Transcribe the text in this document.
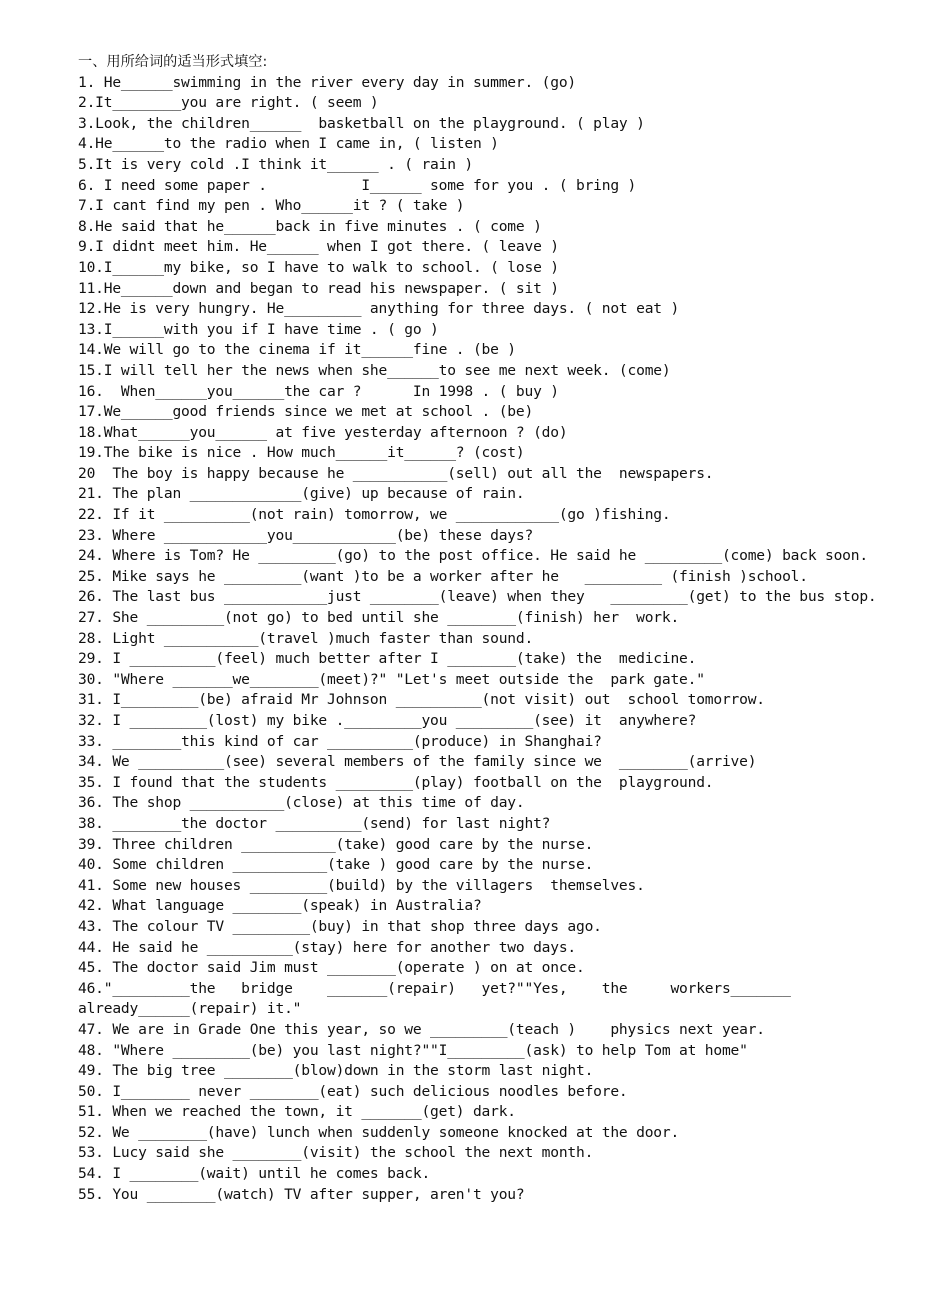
一、用所给词的适当形式填空:
1. He______swimming in the river every day in summer. (go)
2.It________you are right. ( seem )
3.Look, the children______  basketball on the playground. ( play )
4.He______to the radio when I came in, ( listen )
5.It is very cold .I think it______ . ( rain )
6. I need some paper .           I______ some for you . ( bring )
7.I cant find my pen . Who______it ? ( take )
8.He said that he______back in five minutes . ( come )
9.I didnt meet him. He______ when I got there. ( leave )
10.I______my bike, so I have to walk to school. ( lose )
11.He______down and began to read his newspaper. ( sit )
12.He is very hungry. He_________ anything for three days. ( not eat )
13.I______with you if I have time . ( go )
14.We will go to the cinema if it______fine . (be )
15.I will tell her the news when she______to see me next week. (come)
16.  When______you______the car ?      In 1998 . ( buy )
17.We______good friends since we met at school . (be)
18.What______you______ at five yesterday afternoon ? (do)
19.The bike is nice . How much______it______? (cost)
20  The boy is happy because he ___________(sell) out all the  newspapers.
21. The plan _____________(give) up because of rain.
22. If it __________(not rain) tomorrow, we ____________(go )fishing.
23. Where ____________you____________(be) these days?
24. Where is Tom? He _________(go) to the post office. He said he _________(come) back soon.
25. Mike says he _________(want )to be a worker after he   _________ (finish )school.
26. The last bus ____________just ________(leave) when they   _________(get) to the bus stop.
27. She _________(not go) to bed until she ________(finish) her  work.
28. Light ___________(travel )much faster than sound.
29. I __________(feel) much better after I ________(take) the  medicine.
30. "Where _______we________(meet)?" "Let's meet outside the  park gate."
31. I_________(be) afraid Mr Johnson __________(not visit) out  school tomorrow.
32. I _________(lost) my bike ._________you _________(see) it  anywhere?
33. ________this kind of car __________(produce) in Shanghai?
34. We __________(see) several members of the family since we  ________(arrive)
35. I found that the students _________(play) football on the  playground.
36. The shop ___________(close) at this time of day.
38. ________the doctor __________(send) for last night?
39. Three children ___________(take) good care by the nurse.
40. Some children ___________(take ) good care by the nurse.
41. Some new houses _________(build) by the villagers  themselves.
42. What language ________(speak) in Australia?
43. The colour TV _________(buy) in that shop three days ago.
44. He said he __________(stay) here for another two days.
45. The doctor said Jim must ________(operate ) on at once.
46."_________the   bridge    _______(repair)   yet?""Yes,    the     workers_______
already______(repair) it."
47. We are in Grade One this year, so we _________(teach )    physics next year.
48. "Where _________(be) you last night?""I_________(ask) to help Tom at home"
49. The big tree ________(blow)down in the storm last night.
50. I________ never ________(eat) such delicious noodles before.
51. When we reached the town, it _______(get) dark.
52. We ________(have) lunch when suddenly someone knocked at the door.
53. Lucy said she ________(visit) the school the next month.
54. I ________(wait) until he comes back.
55. You ________(watch) TV after supper, aren't you?
